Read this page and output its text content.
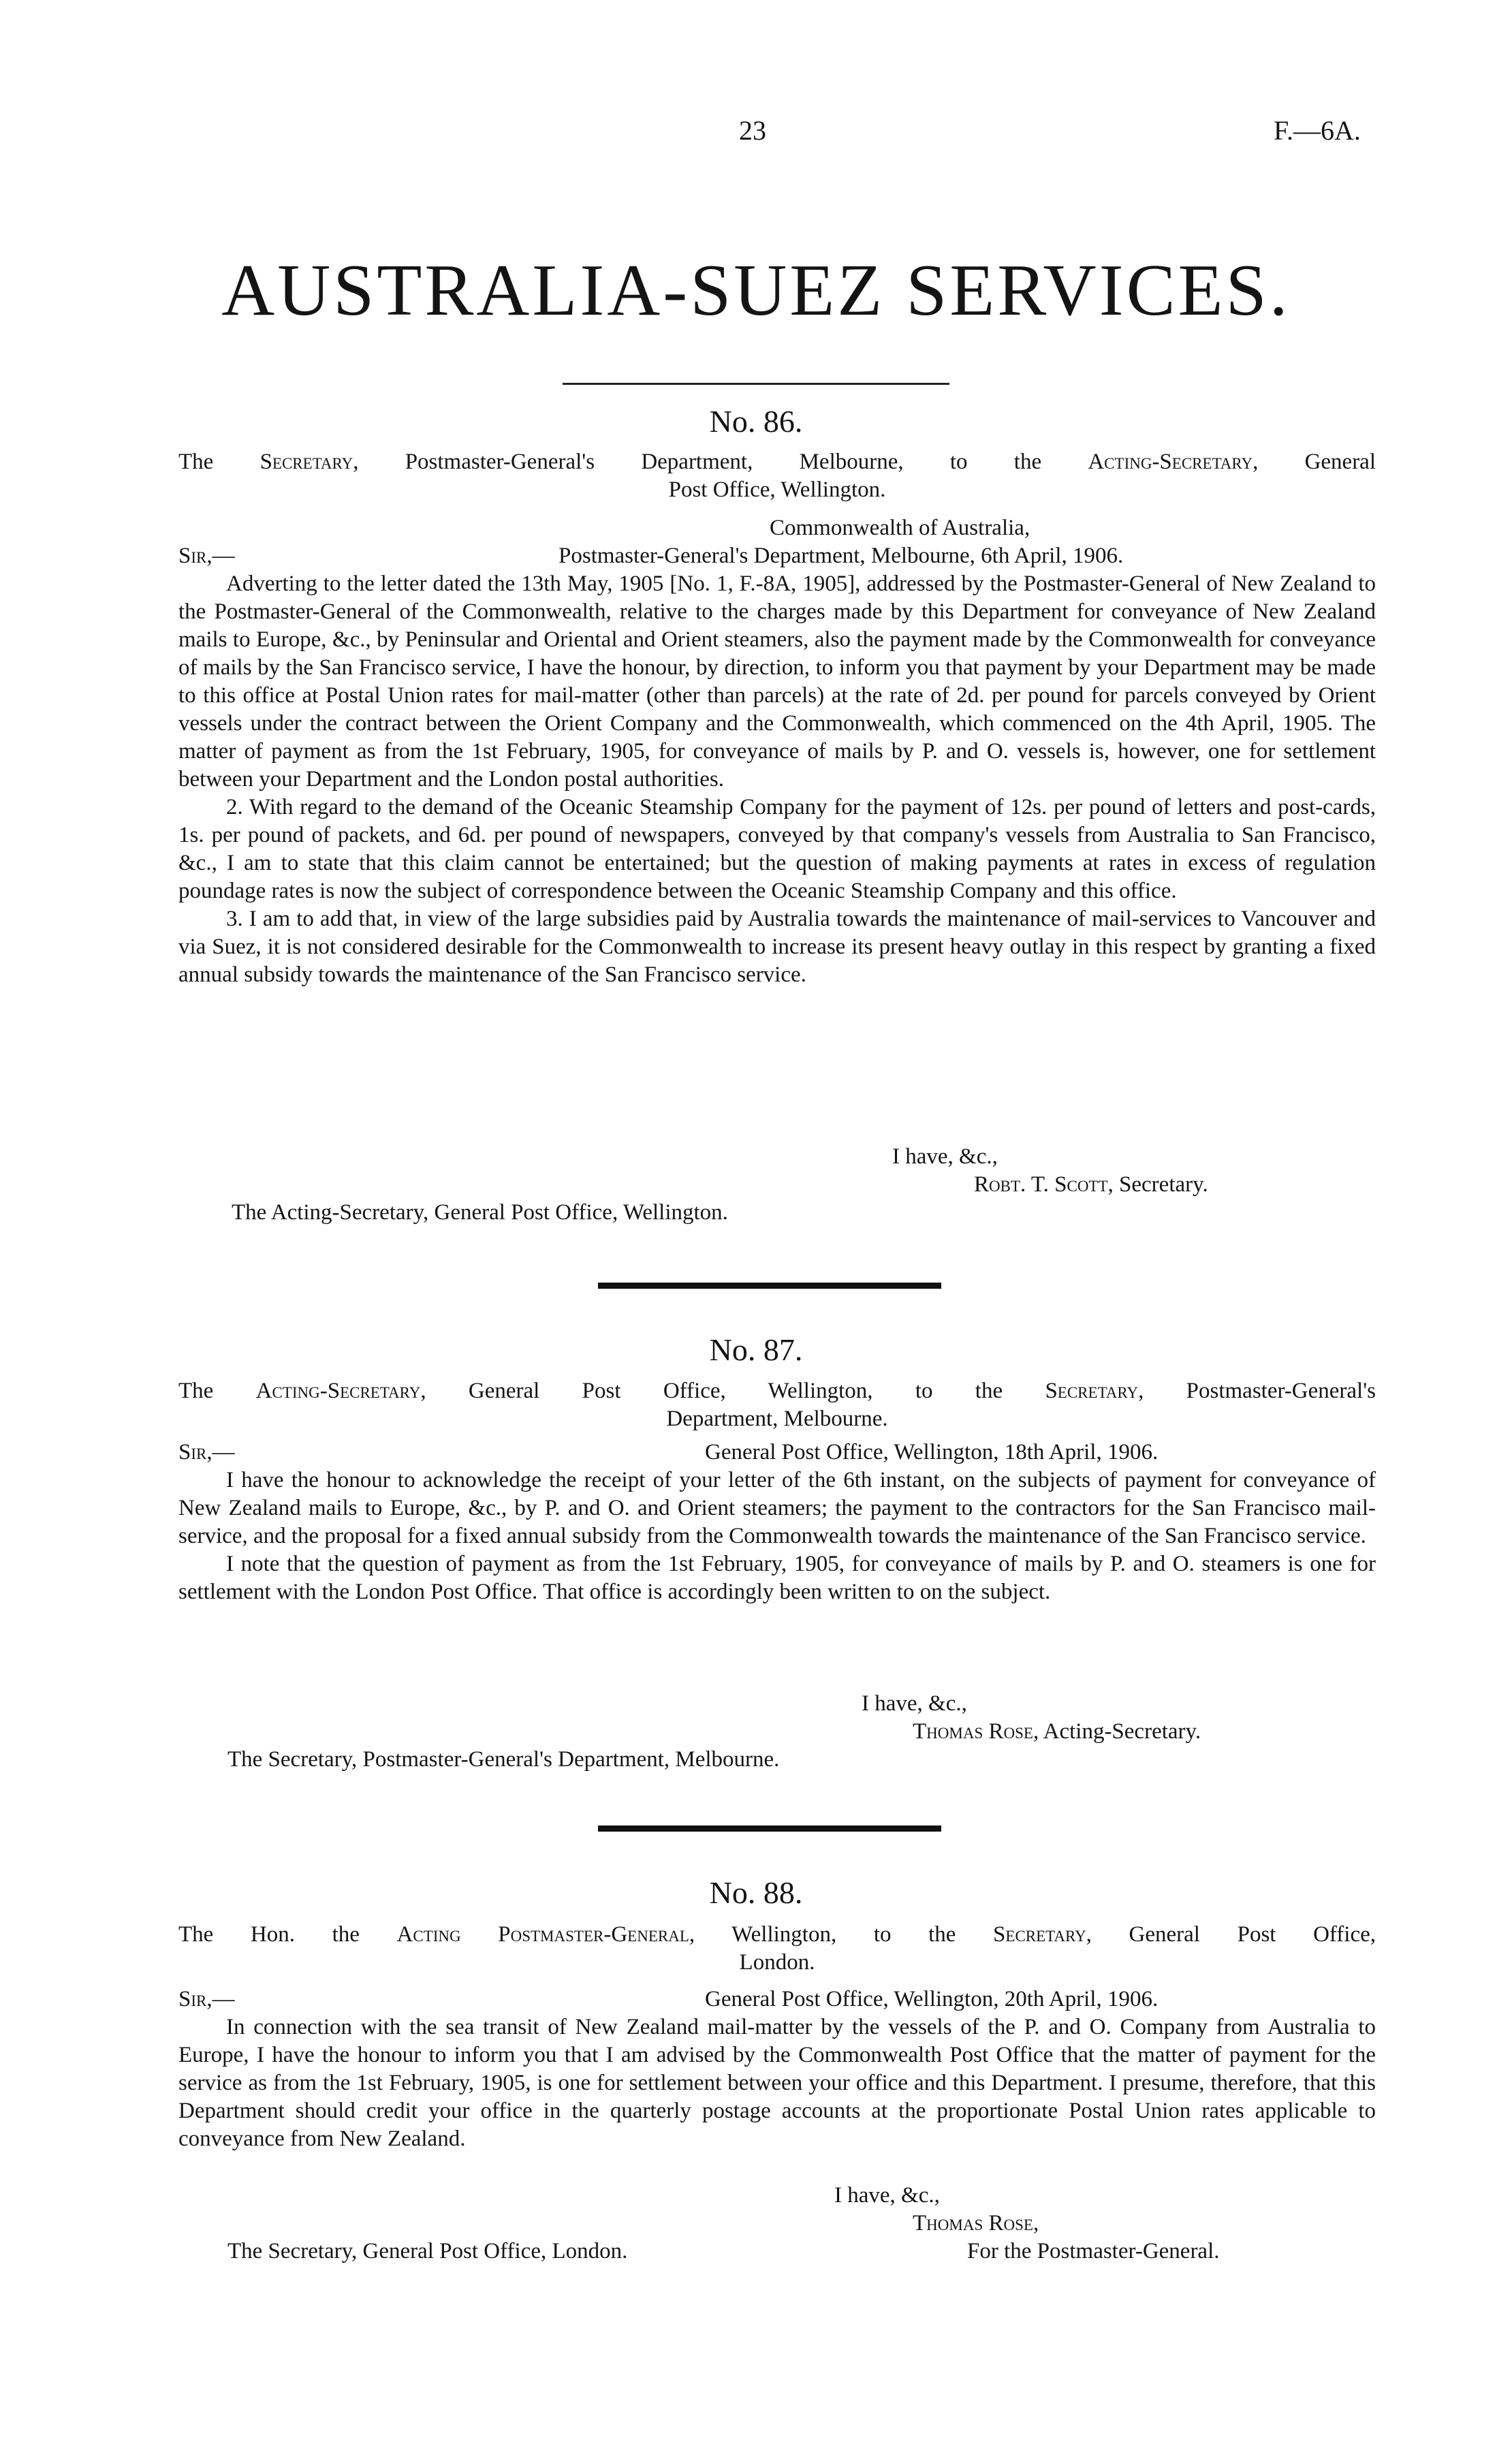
23	F.—6A.
AUSTRALIA-SUEZ SERVICES.
No. 86.
The Secretary, Postmaster-General's Department, Melbourne, to the Acting-Secretary, General
Post Office, Wellington.
Commonwealth of Australia,
Sir,—	Postmaster-General's Department, Melbourne, 6th April, 1906.

Adverting to the letter dated the 13th May, 1905 [No. 1, F.-8A, 1905], addressed by the Postmaster-General of New Zealand to the Postmaster-General of the Commonwealth, relative to the charges made by this Department for conveyance of New Zealand mails to Europe, &c., by Peninsular and Oriental and Orient steamers, also the payment made by the Commonwealth for conveyance of mails by the San Francisco service, I have the honour, by direction, to inform you that payment by your Department may be made to this office at Postal Union rates for mail-matter (other than parcels) at the rate of 2d. per pound for parcels conveyed by Orient vessels under the contract between the Orient Company and the Commonwealth, which commenced on the 4th April, 1905. The matter of payment as from the 1st February, 1905, for conveyance of mails by P. and O. vessels is, however, one for settlement between your Department and the London postal authorities.

2. With regard to the demand of the Oceanic Steamship Company for the payment of 12s. per pound of letters and post-cards, 1s. per pound of packets, and 6d. per pound of newspapers, conveyed by that company's vessels from Australia to San Francisco, &c., I am to state that this claim cannot be entertained; but the question of making payments at rates in excess of regulation poundage rates is now the subject of correspondence between the Oceanic Steamship Company and this office.

3. I am to add that, in view of the large subsidies paid by Australia towards the maintenance of mail-services to Vancouver and via Suez, it is not considered desirable for the Commonwealth to increase its present heavy outlay in this respect by granting a fixed annual subsidy towards the maintenance of the San Francisco service.

I have, &c.,
Robt. T. Scott, Secretary.
The Acting-Secretary, General Post Office, Wellington.
No. 87.
The Acting-Secretary, General Post Office, Wellington, to the Secretary, Postmaster-General's
Department, Melbourne.
Sir,—	General Post Office, Wellington, 18th April, 1906.

I have the honour to acknowledge the receipt of your letter of the 6th instant, on the subjects of payment for conveyance of New Zealand mails to Europe, &c., by P. and O. and Orient steamers; the payment to the contractors for the San Francisco mail-service, and the proposal for a fixed annual subsidy from the Commonwealth towards the maintenance of the San Francisco service.

I note that the question of payment as from the 1st February, 1905, for conveyance of mails by P. and O. steamers is one for settlement with the London Post Office. That office is accordingly been written to on the subject.

I have, &c.,
Thomas Rose, Acting-Secretary.
The Secretary, Postmaster-General's Department, Melbourne.
No. 88.
The Hon. the Acting Postmaster-General, Wellington, to the Secretary, General Post Office,
London.
Sir,—	General Post Office, Wellington, 20th April, 1906.

In connection with the sea transit of New Zealand mail-matter by the vessels of the P. and O. Company from Australia to Europe, I have the honour to inform you that I am advised by the Commonwealth Post Office that the matter of payment for the service as from the 1st February, 1905, is one for settlement between your office and this Department. I presume, therefore, that this Department should credit your office in the quarterly postage accounts at the proportionate Postal Union rates applicable to conveyance from New Zealand.

I have, &c.,
Thomas Rose,
The Secretary, General Post Office, London.	For the Postmaster-General.
